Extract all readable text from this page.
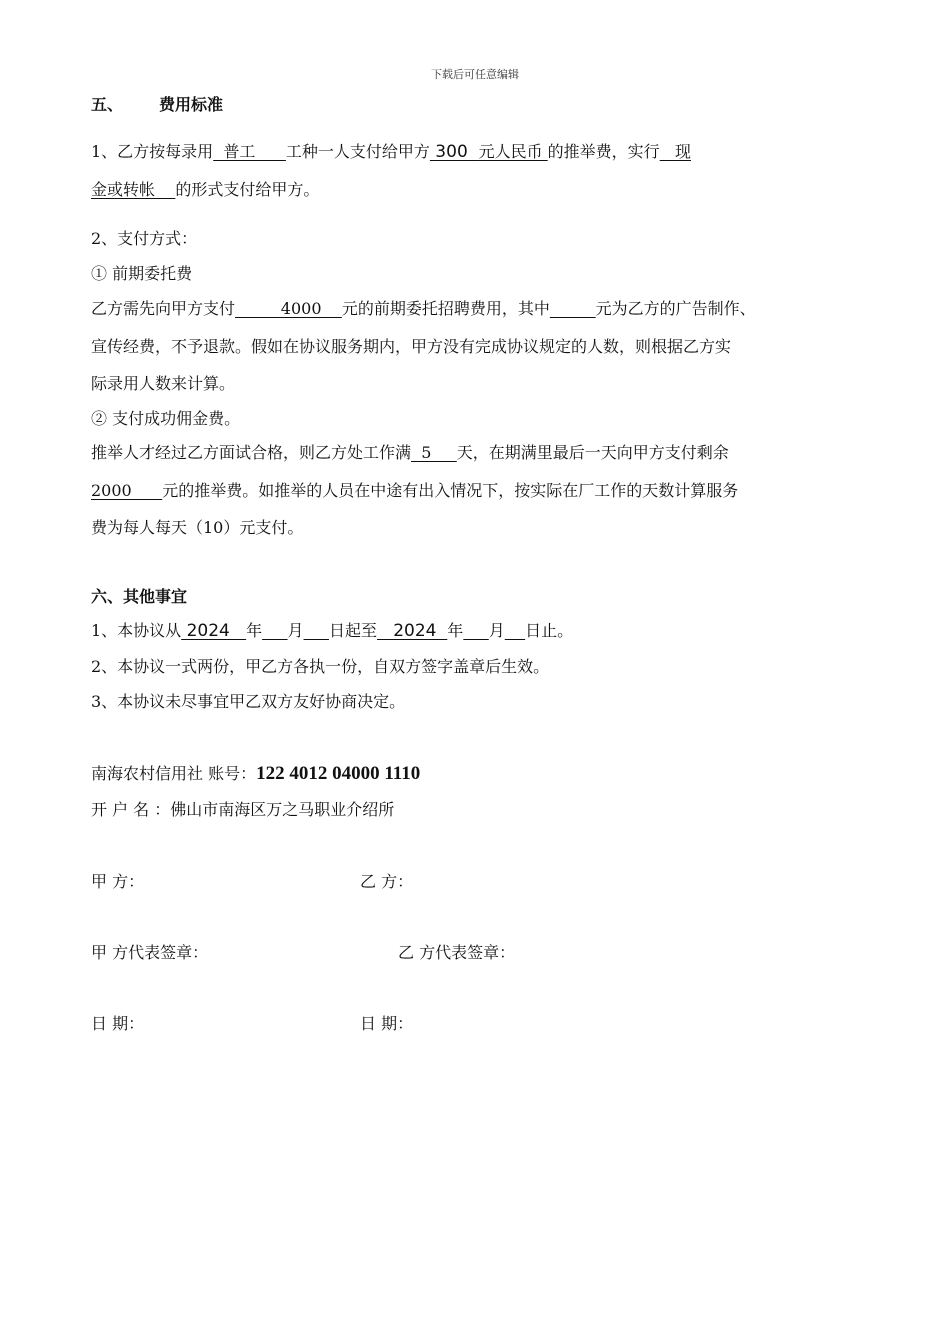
下载后可任意编辑
五、 费用标准
1、乙方按每录用  普工      工种一人支付给甲方 300  元人民币 的推举费，实行 现
金或转帐    的形式支付给甲方。
2、支付方式：
① 前期委托费
乙方需先向甲方支付         4000    元的前期委托招聘费用，其中	元为乙方的广告制作、
宣传经费，不予退款。假如在协议服务期内，甲方没有完成协议规定的人数，则根据乙方实
际录用人数来计算。
② 支付成功佣金费。
推举人才经过乙方面试合格，则乙方处工作满  5     天，在期满里最后一天向甲方支付剩余
2000      元的推举费。如推举的人员在中途有出入情况下，按实际在厂工作的天数计算服务
费为每人每天（10）元支付。
六、其他事宜
1、本协议从 2024   年 月 日起至   2024  年 月 日止。
2、本协议一式两份，甲乙方各执一份，自双方签字盖章后生效。
3、本协议未尽事宜甲乙双方友好协商决定。
南海农村信用社 账号：122 4012 04000 1110
开 户 名 ：佛山市南海区万之马职业介绍所
甲 方：	乙 方：
甲 方代表签章：	乙 方代表签章：
日 期：	日 期：
